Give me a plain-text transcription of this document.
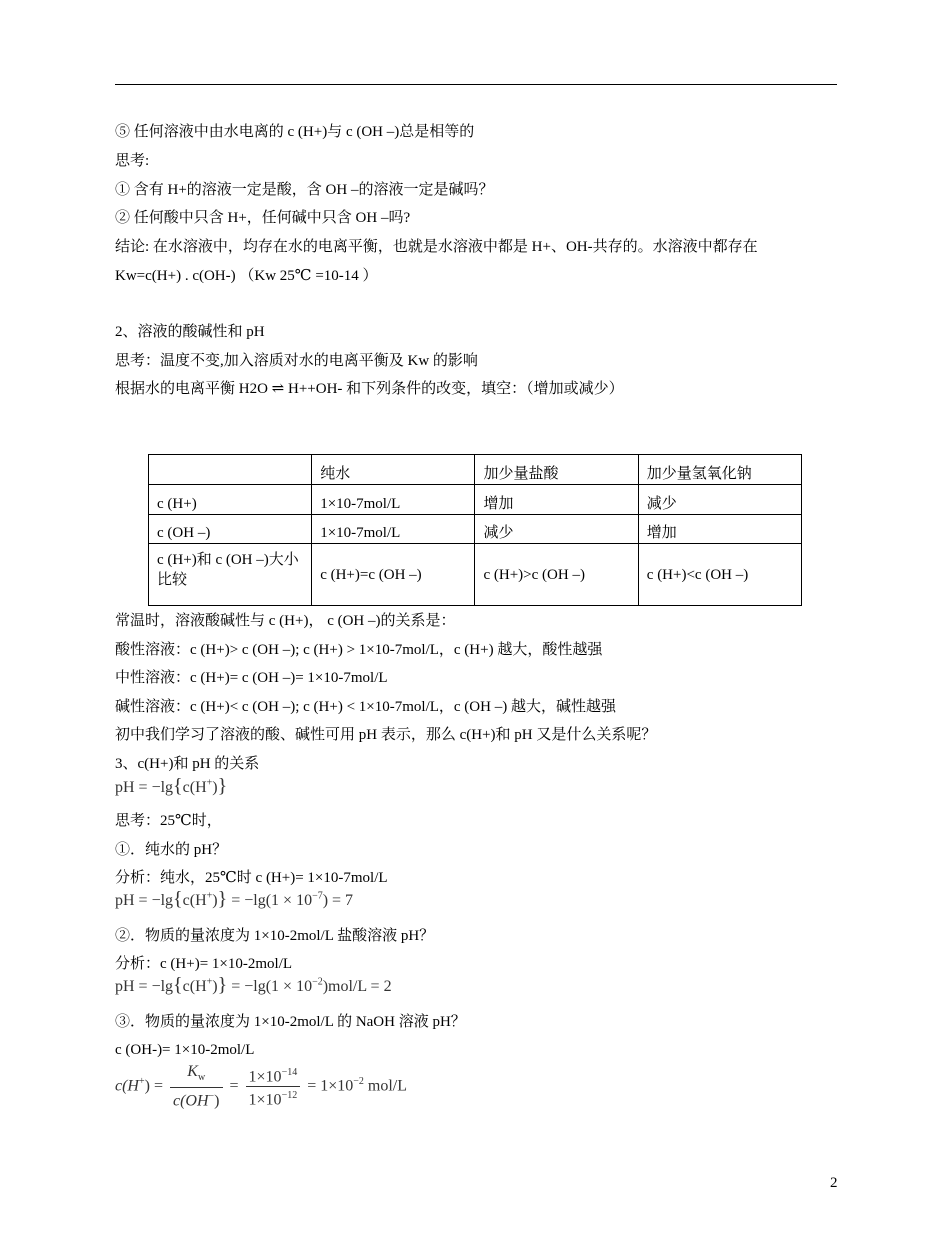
⑤ 任何溶液中由水电离的 c (H+)与 c (OH –)总是相等的
思考:
① 含有 H+的溶液一定是酸，含 OH –的溶液一定是碱吗？
② 任何酸中只含 H+，任何碱中只含 OH –吗?
结论: 在水溶液中，均存在水的电离平衡，也就是水溶液中都是 H+、OH-共存的。水溶液中都存在
Kw=c(H+) . c(OH-) （Kw 25℃ =10-14 ）
2、溶液的酸碱性和 pH
思考：温度不变,加入溶质对水的电离平衡及 Kw 的影响
根据水的电离平衡 H2O ⇌ H++OH- 和下列条件的改变，填空：（增加或减少）
	纯水	加少量盐酸	加少量氢氧化钠
c (H+)	1×10-7mol/L	增加	减少
c (OH –)	1×10-7mol/L	减少	增加
c (H+)和 c (OH –)大小比较	c (H+)=c (OH –)	c (H+)>c (OH –)	c (H+)<c (OH –)
常温时，溶液酸碱性与 c (H+)， c (OH –)的关系是：
酸性溶液：c (H+)> c (OH –); c (H+) > 1×10-7mol/L，c (H+) 越大，酸性越强
中性溶液：c (H+)= c (OH –)= 1×10-7mol/L
碱性溶液：c (H+)< c (OH –); c (H+) < 1×10-7mol/L，c (OH –) 越大，碱性越强
初中我们学习了溶液的酸、碱性可用 pH 表示，那么 c(H+)和 pH 又是什么关系呢？
3、c(H+)和 pH 的关系
pH = −lg{c(H+)}
思考：25℃时，
①．纯水的 pH？
分析：纯水，25℃时 c (H+)= 1×10-7mol/L
pH = $-\lg\{c(H^+)\} = -\lg(1 \times 10^{-7}) = 7$
②．物质的量浓度为 1×10-2mol/L 盐酸溶液 pH？
分析：c (H+)= 1×10-2mol/L
pH = $-\lg\{c(H^+)\} = -\lg(1 \times 10^{-2})mol/L = 2$
③．物质的量浓度为 1×10-2mol/L 的 NaOH 溶液 pH？
c (OH-)= 1×10-2mol/L
$c(H^+) = \frac{K_w}{c(OH^-)} = \frac{1\times 10^{-14}}{1\times 10^{-12}} = 1\times 10^{-2}$ mol/L
2
